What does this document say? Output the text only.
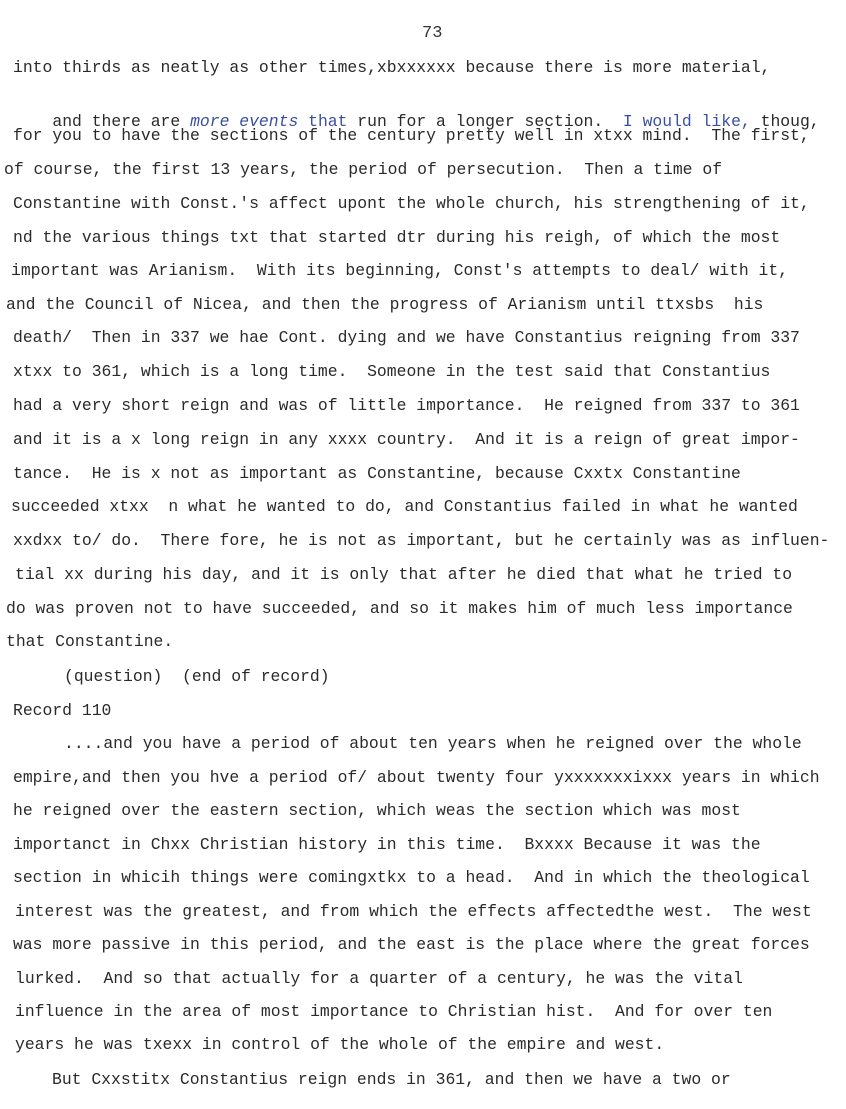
73
into thirds as neatly as other times,xbxxxxxx because there is more material,

and there are more events that run for a longer section.  I would like, thoug,

for you to have the sections of the century pretty well in xtxx mind.  The first,
of course, the first 13 years, the period of persecution.  Then a time of
Constantine with Const.'s affect upont the whole church, his strengthening of it,
nd the various things txt that started dtr during his reigh, of which the most
important was Arianism.  With its beginning, Const's attempts to deal/ with it,
and the Council of Nicea, and then the progress of Arianism until ttxsbs  his
death/  Then in 337 we hae Cont. dying and we have Constantius reigning from 337
xtxx to 361, which is a long time.  Someone in the test said that Constantius
had a very short reign and was of little importance.  He reigned from 337 to 361
and it is a x long reign in any xxxx country.  And it is a reign of great impor-
tance.  He is x not as important as Constantine, because Cxxtx Constantine
succeeded xtxx  n what he wanted to do, and Constantius failed in what he wanted
xxdxx to/ do.  There fore, he is not as important, but he certainly was as influen-
tial xx during his day, and it is only that after he died that what he tried to
do was proven not to have succeeded, and so it makes him of much less importance
that Constantine.
(question)  (end of record)
Record 110
....and you have a period of about ten years when he reigned over the whole
empire,and then you hve a period of/ about twenty four yxxxxxxxixxx years in which
he reigned over the eastern section, which weas the section which was most
importanct in Chxx Christian history in this time.  Bxxxx Because it was the
section in whicih things were comingxtkx to a head.  And in which the theological
interest was the greatest, and from which the effects affectedthe west.  The west
was more passive in this period, and the east is the place where the great forces
lurked.  And so that actually for a quarter of a century, he was the vital
influence in the area of most importance to Christian hist.  And for over ten
years he was txexx in control of the whole of the empire and west.
But Cxxstitx Constantius reign ends in 361, and then we have a two or
